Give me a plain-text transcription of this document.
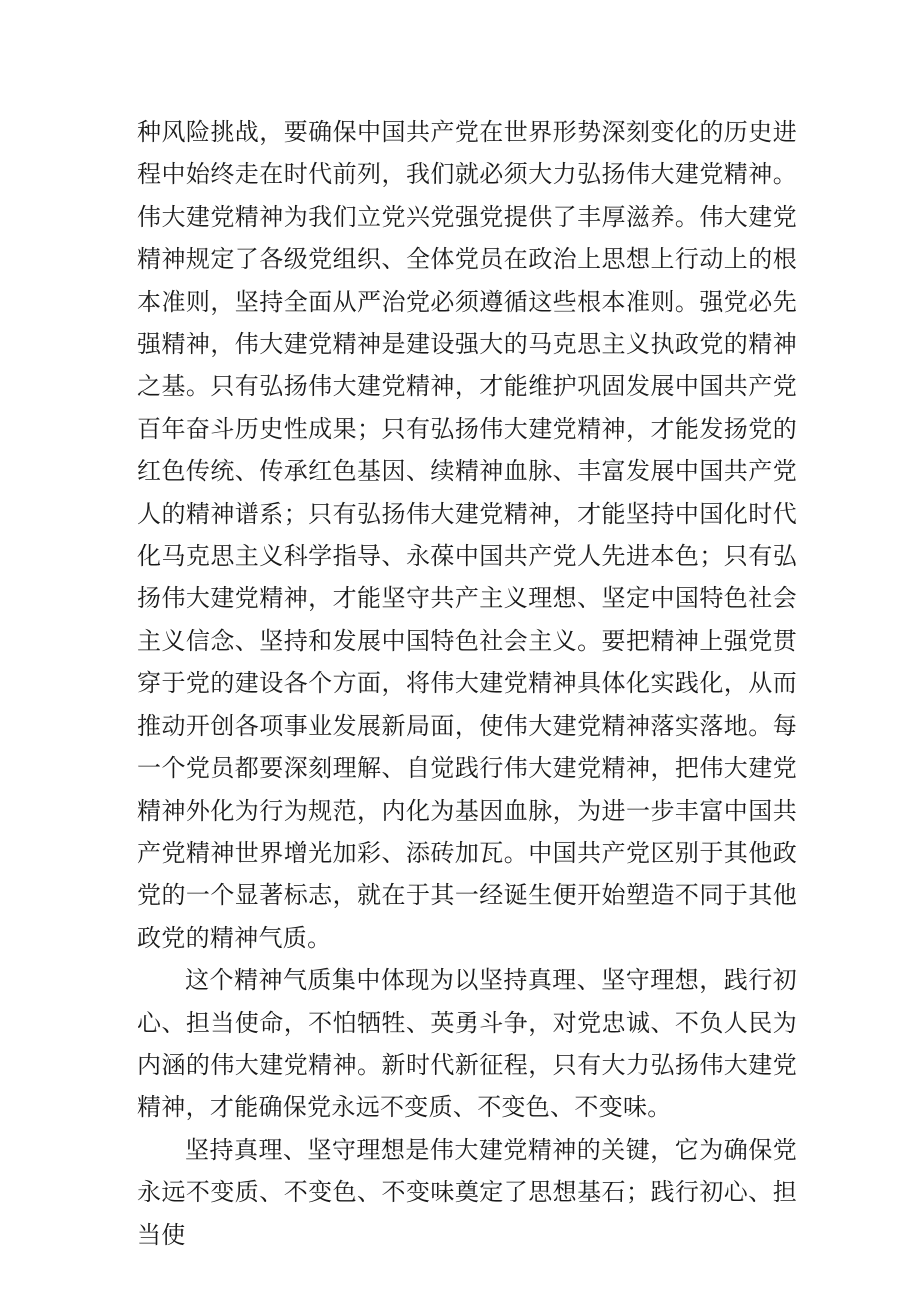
种风险挑战，要确保中国共产党在世界形势深刻变化的历史进程中始终走在时代前列，我们就必须大力弘扬伟大建党精神。伟大建党精神为我们立党兴党强党提供了丰厚滋养。伟大建党精神规定了各级党组织、全体党员在政治上思想上行动上的根本准则，坚持全面从严治党必须遵循这些根本准则。强党必先强精神，伟大建党精神是建设强大的马克思主义执政党的精神之基。只有弘扬伟大建党精神，才能维护巩固发展中国共产党百年奋斗历史性成果；只有弘扬伟大建党精神，才能发扬党的红色传统、传承红色基因、续精神血脉、丰富发展中国共产党人的精神谱系；只有弘扬伟大建党精神，才能坚持中国化时代化马克思主义科学指导、永葆中国共产党人先进本色；只有弘扬伟大建党精神，才能坚守共产主义理想、坚定中国特色社会主义信念、坚持和发展中国特色社会主义。要把精神上强党贯穿于党的建设各个方面，将伟大建党精神具体化实践化，从而推动开创各项事业发展新局面，使伟大建党精神落实落地。每一个党员都要深刻理解、自觉践行伟大建党精神，把伟大建党精神外化为行为规范，内化为基因血脉，为进一步丰富中国共产党精神世界增光加彩、添砖加瓦。中国共产党区别于其他政党的一个显著标志，就在于其一经诞生便开始塑造不同于其他政党的精神气质。

这个精神气质集中体现为以坚持真理、坚守理想，践行初心、担当使命，不怕牺牲、英勇斗争，对党忠诚、不负人民为内涵的伟大建党精神。新时代新征程，只有大力弘扬伟大建党精神，才能确保党永远不变质、不变色、不变味。

坚持真理、坚守理想是伟大建党精神的关键，它为确保党永远不变质、不变色、不变味奠定了思想基石；践行初心、担当使
